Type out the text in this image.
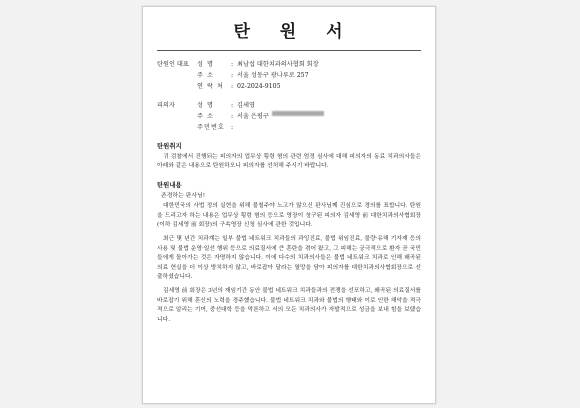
탄 원 서
탄원인 대표	성 명	: 최남섭 대한치과의사협회 회장
주 소	: 서울 성동구 광나루로 257
연 락 처	: 02-2024-9105
피의자	성 명	: 김세영
주 소	: 서울 은평구
주민번호 :
탄원취지

귀 검찰에서 진행되는 피의자의 업무상 횡령 혐의 관련 엄정 심사에 대해 피의자의 동료 치과의사들은 아래와 같은 내용으로 탄원하오니 피의자를 선처해 주시기 바랍니다.

탄원내용
존경하는 판사님!

대한민국의 사법 정의 실현을 위해 불철주야 노고가 많으신 판사님께 진심으로 경의를 표합니다. 탄원을 드리고자 하는 내용은 업무상 횡령 혐의 등으로 영장이 청구된 피의자 김세영 前 대한치과의사협회장(이하 김세영 前 회장)의 구속영장 신청 심사에 관한 것입니다.

최근 몇 년간 치과계는 일부 불법 네트워크 치과들의 과잉진료, 불법 위임진료, 불량·유해 기자재 등의 사용 및 불법 운영·일선 행위 등으로 의료질서에 큰 혼란을 겪어 왔고, 그 피해는 궁극적으로 환자 곧 국민들에게 돌아가는 것은 자명하지 않습니다. 이에 다수의 치과의사들은 불법 네트워크 치과로 인해 왜곡된 의료 현실을 더 이상 방치하지 않고, 바로잡아 달라는 열망을 담아 피의자를 대한치과의사협회장으로 선출하셨습니다.

김세영 前 회장은 3년의 재임기간 동안 불법 네트워크 치과들과의 전쟁을 선포하고, 왜곡된 의료질서를 바로잡기 위해 혼신의 노력을 경주했습니다. 불법 네트워크 치과와 불법의 행태와 이로 인한 해악을 적극적으로 알리는 기여, 중선대학 등을 막론하고 서의 모든 치과의사가 자발적으로 성금을 보내 힘을 보탰습니다.
